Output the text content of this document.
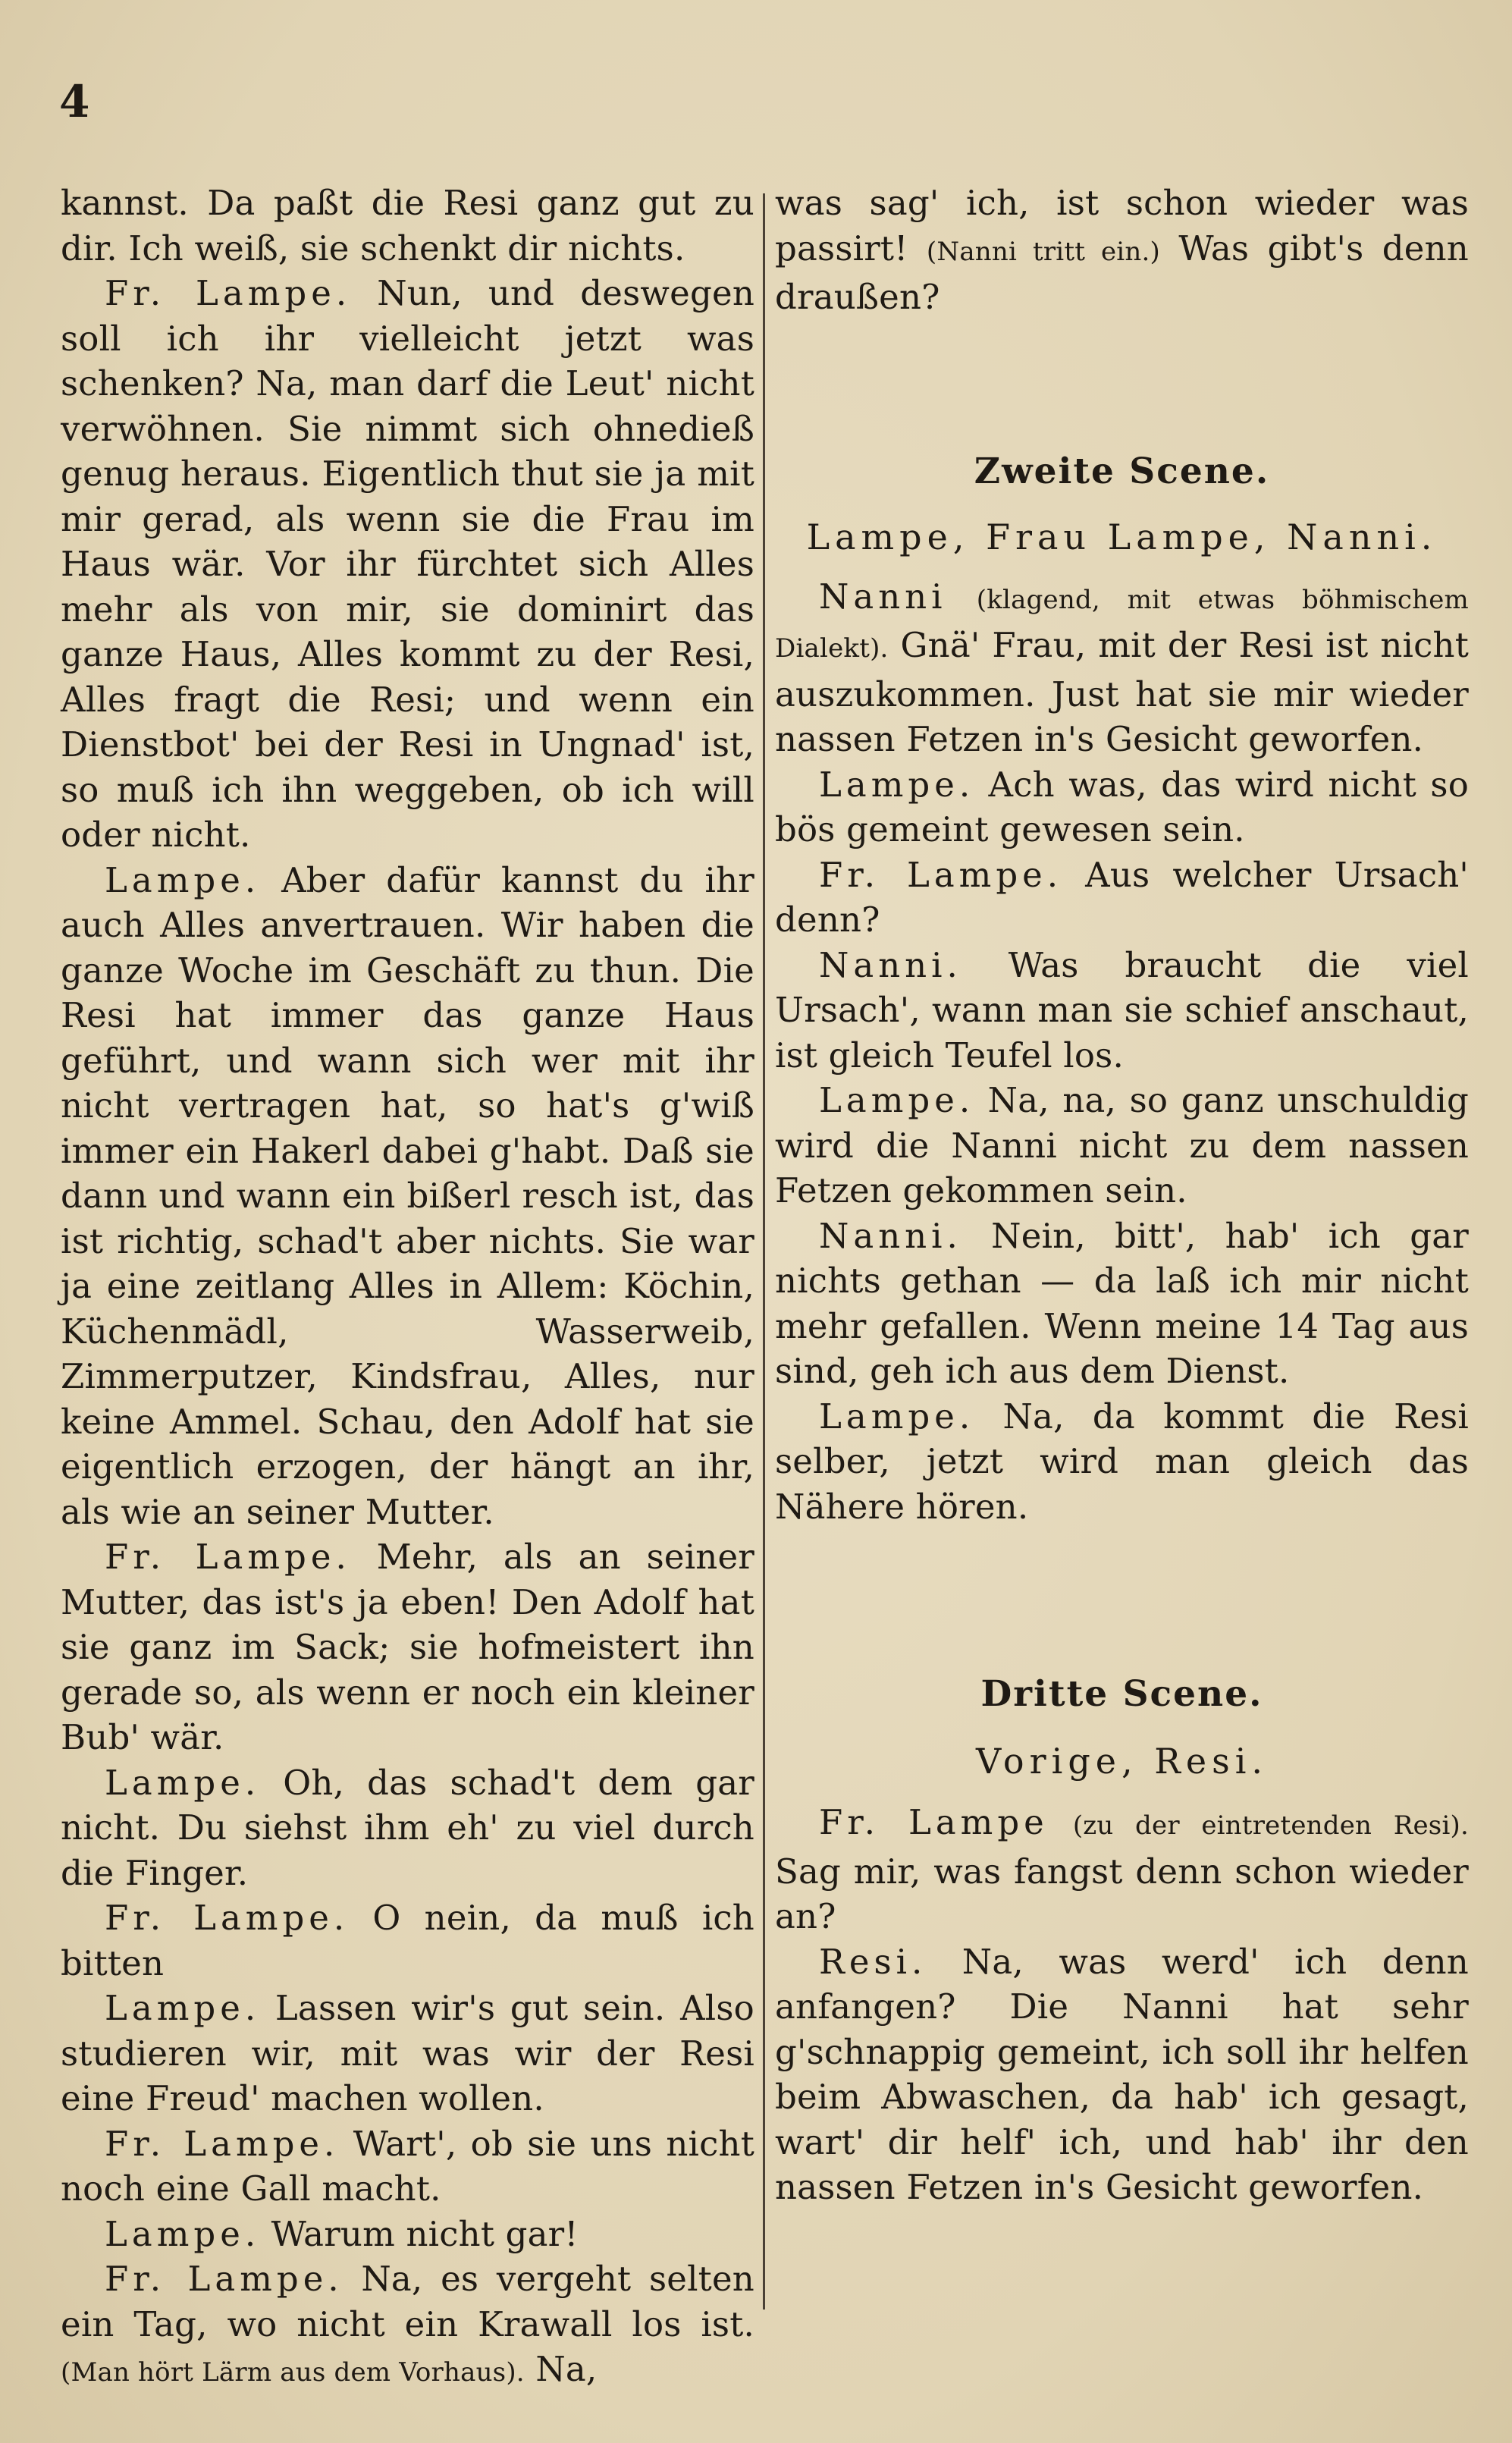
4

kannst. Da paßt die Resi ganz gut zu dir. Ich weiß, sie schenkt dir nichts.

Fr. Lampe. Nun, und deswegen soll ich ihr vielleicht jetzt was schenken? Na, man darf die Leut' nicht verwöhnen. Sie nimmt sich ohnedieß genug heraus. Eigentlich thut sie ja mit mir gerad, als wenn sie die Frau im Haus wär. Vor ihr fürchtet sich Alles mehr als von mir, sie dominirt das ganze Haus, Alles kommt zu der Resi, Alles fragt die Resi; und wenn ein Dienstbot' bei der Resi in Ungnad' ist, so muß ich ihn weggeben, ob ich will oder nicht.

Lampe. Aber dafür kannst du ihr auch Alles anvertrauen. Wir haben die ganze Woche im Geschäft zu thun. Die Resi hat immer das ganze Haus geführt, und wann sich wer mit ihr nicht vertragen hat, so hat's g'wiß immer ein Hakerl dabei g'habt. Daß sie dann und wann ein bißerl resch ist, das ist richtig, schad't aber nichts. Sie war ja eine zeitlang Alles in Allem: Köchin, Küchenmädl, Wasserweib, Zimmerputzer, Kindsfrau, Alles, nur keine Ammel. Schau, den Adolf hat sie eigentlich erzogen, der hängt an ihr, als wie an seiner Mutter.

Fr. Lampe. Mehr, als an seiner Mutter, das ist's ja eben! Den Adolf hat sie ganz im Sack; sie hofmeistert ihn gerade so, als wenn er noch ein kleiner Bub' wär.

Lampe. Oh, das schad't dem gar nicht. Du siehst ihm eh' zu viel durch die Finger.

Fr. Lampe. O nein, da muß ich bitten

Lampe. Lassen wir's gut sein. Also studieren wir, mit was wir der Resi eine Freud' machen wollen.

Fr. Lampe. Wart', ob sie uns nicht noch eine Gall macht.

Lampe. Warum nicht gar!

Fr. Lampe. Na, es vergeht selten ein Tag, wo nicht ein Krawall los ist. (Man hört Lärm aus dem Vorhaus). Na,

was sag' ich, ist schon wieder was passirt! (Nanni tritt ein.) Was gibt's denn draußen?

Zweite Scene.

Lampe, Frau Lampe, Nanni.

Nanni (klagend, mit etwas böhmischem Dialekt). Gnä' Frau, mit der Resi ist nicht auszukommen. Just hat sie mir wieder nassen Fetzen in's Gesicht geworfen.

Lampe. Ach was, das wird nicht so bös gemeint gewesen sein.

Fr. Lampe. Aus welcher Ursach' denn?

Nanni. Was braucht die viel Ursach', wann man sie schief anschaut, ist gleich Teufel los.

Lampe. Na, na, so ganz unschuldig wird die Nanni nicht zu dem nassen Fetzen gekommen sein.

Nanni. Nein, bitt', hab' ich gar nichts gethan — da laß ich mir nicht mehr gefallen. Wenn meine 14 Tag aus sind, geh ich aus dem Dienst.

Lampe. Na, da kommt die Resi selber, jetzt wird man gleich das Nähere hören.

Dritte Scene.

Vorige, Resi.

Fr. Lampe (zu der eintretenden Resi). Sag mir, was fangst denn schon wieder an?

Resi. Na, was werd' ich denn anfangen? Die Nanni hat sehr g'schnappig gemeint, ich soll ihr helfen beim Abwaschen, da hab' ich gesagt, wart' dir helf' ich, und hab' ihr den nassen Fetzen in's Gesicht geworfen.
